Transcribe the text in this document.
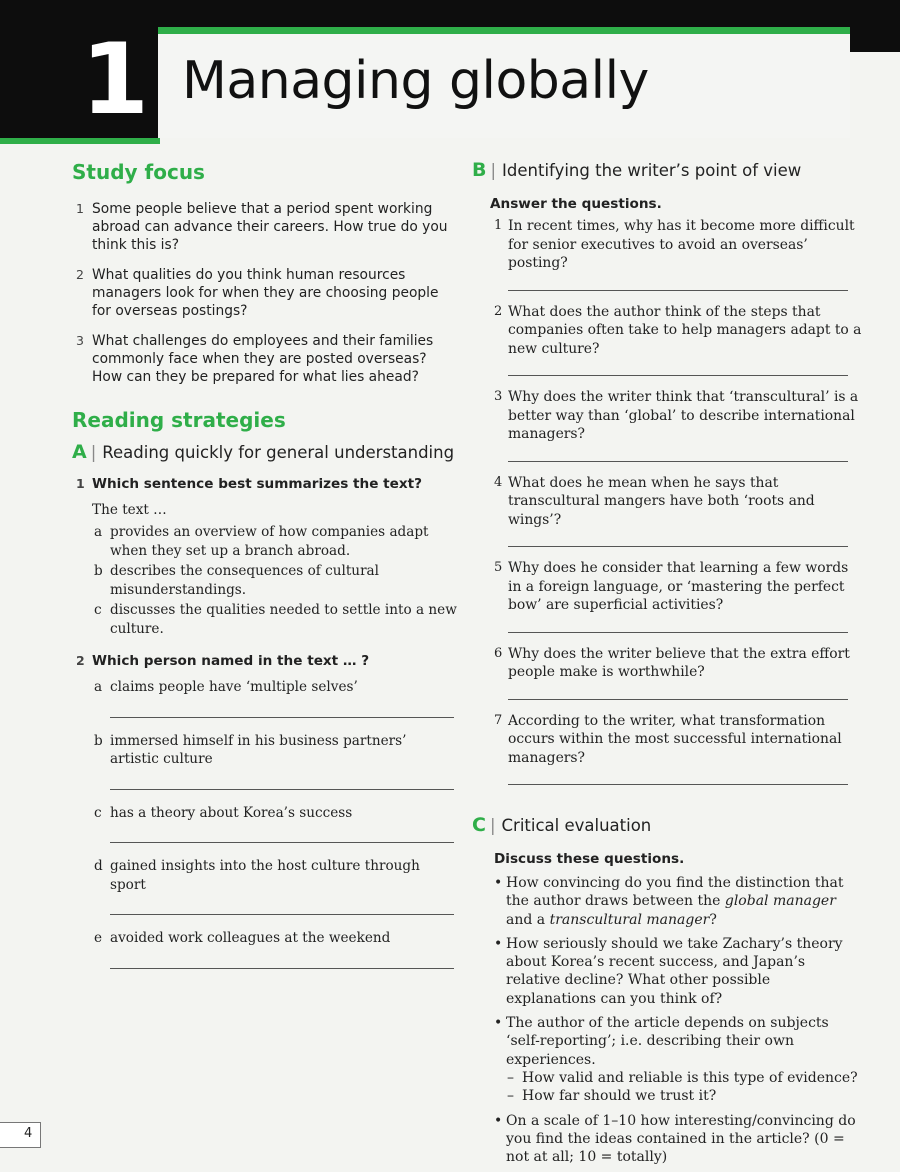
1 Managing globally
Study focus
1 Some people believe that a period spent working abroad can advance their careers. How true do you think this is?
2 What qualities do you think human resources managers look for when they are choosing people for overseas postings?
3 What challenges do employees and their families commonly face when they are posted overseas? How can they be prepared for what lies ahead?
Reading strategies
A | Reading quickly for general understanding
1 Which sentence best summarizes the text?
The text …
a provides an overview of how companies adapt when they set up a branch abroad.
b describes the consequences of cultural misunderstandings.
c discusses the qualities needed to settle into a new culture.
2 Which person named in the text … ?
a claims people have ‘multiple selves’
b immersed himself in his business partners’ artistic culture
c has a theory about Korea’s success
d gained insights into the host culture through sport
e avoided work colleagues at the weekend
B | Identifying the writer’s point of view
Answer the questions.
1 In recent times, why has it become more difficult for senior executives to avoid an overseas’ posting?
2 What does the author think of the steps that companies often take to help managers adapt to a new culture?
3 Why does the writer think that ‘transcultural’ is a better way than ‘global’ to describe international managers?
4 What does he mean when he says that transcultural mangers have both ‘roots and wings’?
5 Why does he consider that learning a few words in a foreign language, or ‘mastering the perfect bow’ are superficial activities?
6 Why does the writer believe that the extra effort people make is worthwhile?
7 According to the writer, what transformation occurs within the most successful international managers?
C | Critical evaluation
Discuss these questions.
• How convincing do you find the distinction that the author draws between the global manager and a transcultural manager?
• How seriously should we take Zachary’s theory about Korea’s recent success, and Japan’s relative decline? What other possible explanations can you think of?
• The author of the article depends on subjects ‘self-reporting’; i.e. describing their own experiences.
– How valid and reliable is this type of evidence?
– How far should we trust it?
• On a scale of 1–10 how interesting/convincing do you find the ideas contained in the article? (0 = not at all; 10 = totally)
4
